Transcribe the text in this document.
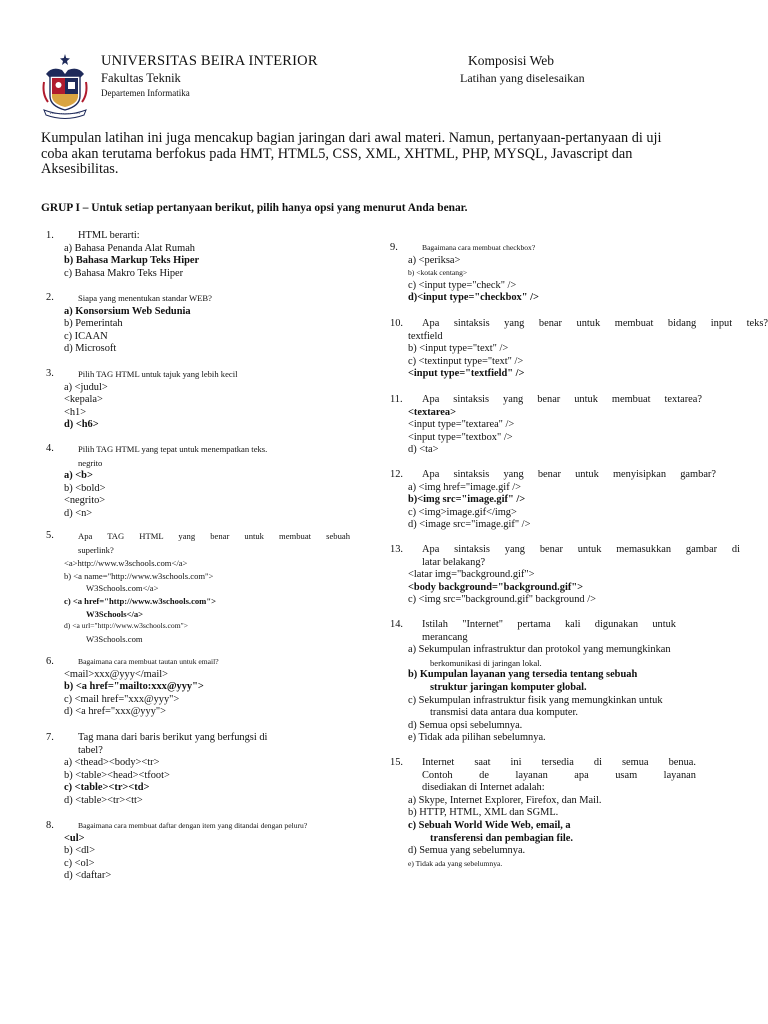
UNIVERSITAS BEIRA INTERIOR
Fakultas Teknik
Departemen Informatika
Komposisi Web
Latihan yang diselesaikan
Kumpulan latihan ini juga mencakup bagian jaringan dari awal materi. Namun, pertanyaan-pertanyaan di uji coba akan terutama berfokus pada HMT, HTML5, CSS, XML, XHTML, PHP, MYSQL, Javascript dan Aksesibilitas.
GRUP I – Untuk setiap pertanyaan berikut, pilih hanya opsi yang menurut Anda benar.
1. HTML berarti:
a) Bahasa Penanda Alat Rumah
b) Bahasa Markup Teks Hiper
c) Bahasa Makro Teks Hiper
2.	Siapa yang menentukan standar WEB?
a) Konsorsium Web Sedunia
b) Pemerintah
c) ICAAN
d) Microsoft
3.	Pilih TAG HTML untuk tajuk yang lebih kecil
a) <judul>
<kepala>
<h1>
d) <h6>
4.	Pilih TAG HTML yang tepat untuk menempatkan teks.
negrito
a) <b>
b) <bold>
<negrito>
d) <n>
5.	Apa TAG HTML yang benar untuk membuat sebuah
superlink?
<a>http://www.w3schools.com</a>
b) <a name="http://www.w3schools.com">
W3Schools.com</a>
c) <a href="http://www.w3schools.com">
W3Schools</a>
d) <a url="http://www.w3schools.com">
W3Schools.com
6.	Bagaimana cara membuat tautan untuk email?
<mail>xxx@yyy</mail>
b) <a href="mailto:xxx@yyy">
c) <mail href="xxx@yyy">
d) <a href="xxx@yyy">
7. Tag mana dari baris berikut yang berfungsi di
tabel?
a) <thead><body><tr>
b) <table><head><tfoot>
c) <table><tr><td>
d) <table><tr><tt>
8.	Bagaimana cara membuat daftar dengan item yang ditandai dengan peluru?
<ul>
b) <dl>
c) <ol>
d) <daftar>
9.	Bagaimana cara membuat checkbox?
a) <periksa>
b) <kotak centang>
c) <input type="check" />
d)<input type="checkbox" />
10. Apa sintaksis yang benar untuk membuat bidang input teks?
textfield
b) <input type="text" />
c) <textinput type="text" />
<input type="textfield" />
11. Apa sintaksis yang benar untuk membuat textarea?
<textarea>
<input type="textarea" />
<input type="textbox" />
d) <ta>
12. Apa sintaksis yang benar untuk menyisipkan gambar?
a) <img href="image.gif />
b)<img src="image.gif" />
c) <img>image.gif</img>
d) <image src="image.gif" />
13. Apa sintaksis yang benar untuk memasukkan gambar di
latar belakang?
<latar img="background.gif">
<body background="background.gif">
c) <img src="background.gif" background />
14. Istilah "Internet" pertama kali digunakan untuk
merancang
a) Sekumpulan infrastruktur dan protokol yang memungkinkan
berkomunikasi di jaringan lokal.
b) Kumpulan layanan yang tersedia tentang sebuah
struktur jaringan komputer global.
c) Sekumpulan infrastruktur fisik yang memungkinkan untuk
transmisi data antara dua komputer.
d) Semua opsi sebelumnya.
e) Tidak ada pilihan sebelumnya.
15. Internet saat ini tersedia di semua benua.
Contoh de layanan apa usam layanan
disediakan di Internet adalah:
a) Skype, Internet Explorer, Firefox, dan Mail.
b) HTTP, HTML, XML dan SGML.
c) Sebuah World Wide Web, email, a
transferensi dan pembagian file.
d) Semua yang sebelumnya.
e) Tidak ada yang sebelumnya.
